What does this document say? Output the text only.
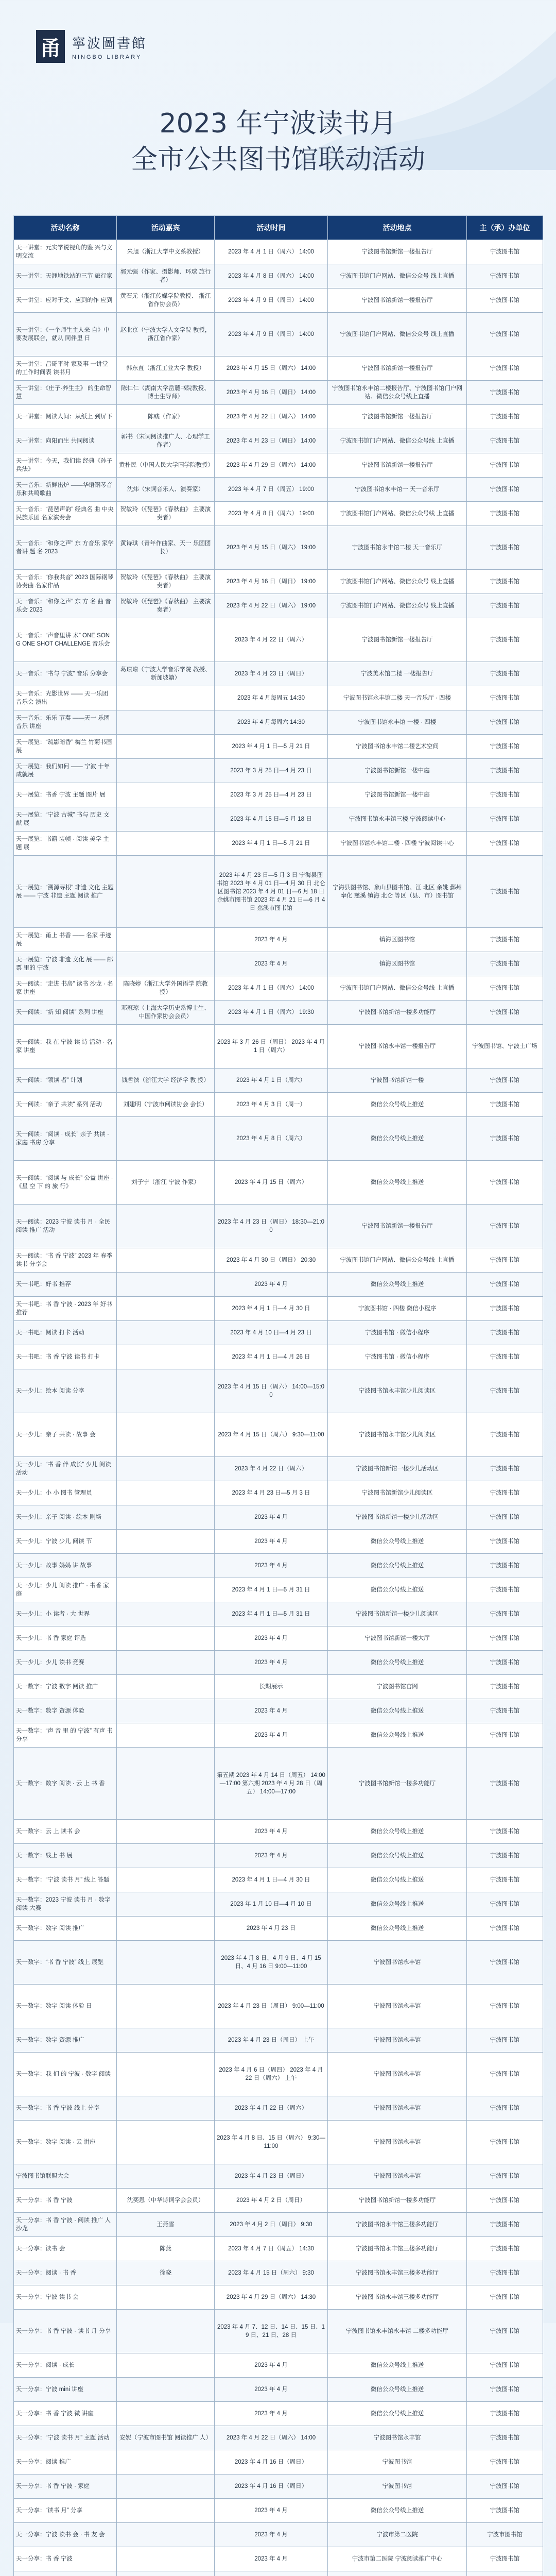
甬 寧波圖書館
NINGBO LIBRARY
2023 年宁波读书月
全市公共图书馆联动活动
活动名称	活动嘉宾	活动时间	活动地点	主（承）办单位
天一讲堂：元实学说视角的鉴 兴与文明交流	朱旭（浙江大学中文系教授）	2023 年 4 月 1 日（周六） 14:00	宁波图书馆新馆一楼报告厅	宁波图书馆
天一讲堂：天涯地铁站的三节 旅行家	郭元强（作家、摄影师、环球 旅行者）	2023 年 4 月 8 日（周六） 14:00	宁波图书馆门户网站、微信公众号 线上直播	宁波图书馆
天一讲堂：应对于文、应到的作 应到	黄石元（浙江传媒学院教授、 浙江省作协会员）	2023 年 4 月 9 日（周日） 14:00	宁波图书馆新馆一楼报告厅	宁波图书馆
天一讲堂：《一个师生主人来 自》中要发展联合，就从 同伴里 日	赵北京（宁波大学人文学院 教授，浙江省作家）	2023 年 4 月 9 日（周日） 14:00	宁波图书馆门户网站、微信公众号 线上直播	宁波图书馆
天一讲堂：吕哥平时 家及事 一讲堂 的工作时间表 读书月	韩东直（浙江工业大学 教授）	2023 年 4 月 15 日（周六） 14:00	宁波图书馆新馆一楼报告厅	宁波图书馆
天一讲堂：《庄子·养生主》 的生命智慧	陈仁仁（湖南大学岳麓书院教授、博士生导师）	2023 年 4 月 16 日（周日） 14:00	宁波图书馆永丰馆二楼报告厅、宁波图书馆门户网站、微信公众号线上直播	宁波图书馆
天一讲堂：阅读人间：从纸上 到屏下	陈彧（作家）	2023 年 4 月 22 日（周六） 14:00	宁波图书馆新馆一楼报告厅	宁波图书馆
天一讲堂：向阳而生 共同阅读	郭书（宋词阅读推广人、心理学工作者）	2023 年 4 月 23 日（周日） 14:00	宁波图书馆门户网站、微信公众号线 上直播	宁波图书馆
天一讲堂：今天，我们读 经典《孙子兵法》	黄朴民（中国人民大学国学院教授）	2023 年 4 月 29 日（周六） 14:00	宁波图书馆新馆一楼报告厅	宁波图书馆
天一音乐：新鲜出炉 ——华语钢琴音乐和共鸣歌曲	沈炜（宋词音乐人、演奏家）	2023 年 4 月 7 日（周五） 19:00	宁波图书馆永丰馆一 天一音乐厅	宁波图书馆
天一音乐：“琵琶声韵” 经典名 曲 中央民族乐团 名家演奏会	贺敏玲（《琵琶》《春秋曲》 主要演奏者）	2023 年 4 月 8 日（周六） 19:00	宁波图书馆门户网站、微信公众号线 上直播	宁波图书馆
天一音乐：“和你之声” 东 方音乐 家学者讲 题 名 2023	黄诗琪（青年作曲家、天一 乐团团长）	2023 年 4 月 15 日（周六） 19:00	宁波图书馆永丰馆二楼 天一音乐厅	宁波图书馆
天一音乐：“你我共音” 2023 国际钢琴协奏曲 名家作品	贺敏玲（《琵琶》《春秋曲》 主要演奏者）	2023 年 4 月 16 日（周日） 19:00	宁波图书馆门户网站、微信公众号 线上直播	宁波图书馆
天一音乐：“和你之声” 东 方 名 曲 音乐会 2023	贺敏玲（《琵琶》《春秋曲》 主要演奏者）	2023 年 4 月 22 日（周六） 19:00	宁波图书馆门户网站、微信公众号 线上直播	宁波图书馆
天一音乐：“声音里讲 术” ONE SONG ONE SHOT CHALLENGE 音乐会		2023 年 4 月 22 日（周六）	宁波图书馆新馆一楼报告厅	宁波图书馆
天一音乐：“书与 宁波” 音乐 分享会	葛琼琼（宁波大学音乐学院 教授、新加坡籍）	2023 年 4 月 23 日（周日）	宁波美术馆二楼 一楼报告厅	宁波图书馆
天一音乐：光影世界 —— 天一乐团 音乐会 演出		2023 年 4 月每周五 14:30	宁波图书馆永丰馆二楼 天一音乐厅 · 四楼	宁波图书馆
天一音乐：乐乐 节奏 ——天一 乐团 音乐 讲座		2023 年 4 月每周六 14:30	宁波图书馆永丰馆 一楼 · 四楼	宁波图书馆
天一展览：“疏影暗香” 梅兰 竹菊书画展		2023 年 4 月 1 日—5 月 21 日	宁波图书馆永丰馆二楼艺术空间	宁波图书馆
天一展览：我们如何 —— 宁波 十年成就展		2023 年 3 月 25 日—4 月 23 日	宁波图书馆新馆一楼中庭	宁波图书馆
天一展览：书香 宁波 主题 图片 展		2023 年 3 月 25 日—4 月 23 日	宁波图书馆新馆一楼中庭	宁波图书馆
天一展览：“宁波 古城” 书与 历史 文献 展		2023 年 4 月 15 日—5 月 18 日	宁波图书馆永丰馆三楼 宁波阅读中心	宁波图书馆
天一展览：书籍 装帧 · 阅读 美学 主题 展		2023 年 4 月 1 日—5 月 21 日	宁波图书馆永丰馆二楼 · 四楼 宁波阅读中心	宁波图书馆
天一展览：“溯源寻根” 非遗 文化 主题 展 —— 宁波 非遗 主题 阅读 推广		2023 年 4 月 23 日—5 月 3 日 宁海县图书馆 2023 年 4 月 01 日—4 月 30 日 北仑区图书馆 2023 年 4 月 01 日—6 月 18 日 余姚市图书馆 2023 年 4 月 21 日—6 月 4 日 慈溪市图书馆	宁海县图书馆、象山县图书馆、江 北区 余姚 鄞州 奉化 慈溪 镇海 北仑 等区（县、市）图书馆	宁波图书馆
天一展览：甬上 书香 —— 名家 手迹 展		2023 年 4 月	镇海区图书馆	宁波图书馆
天一展览：宁波 非遗 文化 展 —— 邮票 里的 宁波		2023 年 4 月	镇海区图书馆	宁波图书馆
天一阅读：“走进 书房” 读书 沙龙 · 名家 讲座	陈晓婷（浙江大学外国语学 院教授）	2023 年 4 月 1 日（周六） 14:00	宁波图书馆门户网站、微信公众号线 上直播	宁波图书馆
天一阅读：“新 知 阅读” 系列 讲座	邓冠琼（上海大学历史系博士生、 中国作家协会会员）	2023 年 4 月 1 日（周六） 19:30	宁波图书馆新馆一楼多功能厅	宁波图书馆
天一阅读：我 在 宁波 读 诗 活动 · 名家 讲座		2023 年 3 月 26 日（周日） 2023 年 4 月 1 日（周六）	宁波图书馆永丰馆一楼报告厅	宁波图书馆、宁波士广场
天一阅读：“领读 者” 计划	钱哲滨（浙江大学 经济学 教 授）	2023 年 4 月 1 日（周六）	宁波图书馆新馆一楼	宁波图书馆
天一阅读：“亲子 共读” 系列 活动	刘建明（宁波市阅读协会 会长）	2023 年 4 月 3 日（周一）	微信公众号线上推送	宁波图书馆
天一阅读：“阅读 · 成长” 亲子 共读 · 家庭 书房 分享		2023 年 4 月 8 日（周六）	微信公众号线上推送	宁波图书馆
天一阅读：“阅读 与 成长” 公益 讲座 ·《星 空 下 的 旅 行》	刘子宁（浙江 宁波 作家）	2023 年 4 月 15 日（周六）	微信公众号线上推送	宁波图书馆
天一阅读：2023 宁波 读书 月 · 全民 阅读 推广 活动		2023 年 4 月 23 日（周日） 18:30—21:00	宁波图书馆新馆一楼报告厅	宁波图书馆
天一阅读：“书 香 宁波” 2023 年 春季 读书 分享会		2023 年 4 月 30 日（周日） 20:30	宁波图书馆门户网站、微信公众号线 上直播	宁波图书馆
天一书吧：好书 推荐		2023 年 4 月	微信公众号线上推送	宁波图书馆
天一书吧：书 香 宁波 · 2023 年 好书 推荐		2023 年 4 月 1 日—4 月 30 日	宁波图书馆 · 四楼 微信小程序	宁波图书馆
天一书吧：阅读 打卡 活动		2023 年 4 月 10 日—4 月 23 日	宁波图书馆 · 微信小程序	宁波图书馆
天一书吧：书 香 宁波 读书 打卡		2023 年 4 月 1 日—4 月 26 日	宁波图书馆 · 微信小程序	宁波图书馆
天一少儿：绘本 阅读 分享		2023 年 4 月 15 日（周六） 14:00—15:00	宁波图书馆永丰馆少儿阅读区	宁波图书馆
天一少儿：亲子 共读 · 故事 会		2023 年 4 月 15 日（周六） 9:30—11:00	宁波图书馆永丰馆少儿阅读区	宁波图书馆
天一少儿：“书 香 伴 成长” 少儿 阅读 活动		2023 年 4 月 22 日（周六）	宁波图书馆新馆一楼少儿活动区	宁波图书馆
天一少儿：小 小 图书 管理员		2023 年 4 月 23 日—5 月 3 日	宁波图书馆新馆少儿阅读区	宁波图书馆
天一少儿：亲子 阅读 · 绘本 剧场		2023 年 4 月	宁波图书馆新馆一楼少儿活动区	宁波图书馆
天一少儿：宁波 少儿 阅读 节		2023 年 4 月	微信公众号线上推送	宁波图书馆
天一少儿：故事 妈妈 讲 故事		2023 年 4 月	微信公众号线上推送	宁波图书馆
天一少儿：少儿 阅读 推广 · 书香 家庭		2023 年 4 月 1 日—5 月 31 日	微信公众号线上推送	宁波图书馆
天一少儿：小 读者 · 大 世界		2023 年 4 月 1 日—5 月 31 日	宁波图书馆新馆一楼少儿阅读区	宁波图书馆
天一少儿：书 香 家庭 评选		2023 年 4 月	宁波图书馆新馆一楼大厅	宁波图书馆
天一少儿：少儿 读书 竞赛		2023 年 4 月	微信公众号线上推送	宁波图书馆
天一数字：宁波 数字 阅读 推广		长期展示	宁波图书馆官网	宁波图书馆
天一数字：数字 资源 体验		2023 年 4 月	微信公众号线上推送	宁波图书馆
天一数字：“声 音 里 的 宁波” 有声 书 分享		2023 年 4 月	微信公众号线上推送	宁波图书馆
天一数字：数字 阅读 · 云 上 书 香		第五期 2023 年 4 月 14 日（周五） 14:00—17:00 第六期 2023 年 4 月 28 日（周五） 14:00—17:00	宁波图书馆新馆一楼多功能厅	宁波图书馆
天一数字：云 上 读书 会		2023 年 4 月	微信公众号线上推送	宁波图书馆
天一数字：线上 书 展		2023 年 4 月	微信公众号线上推送	宁波图书馆
天一数字：“宁波 读书 月” 线上 答题		2023 年 4 月 1 日—4 月 30 日	微信公众号线上推送	宁波图书馆
天一数字：2023 宁波 读书 月 · 数字 阅读 大赛		2023 年 1 月 10 日—4 月 10 日	微信公众号线上推送	宁波图书馆
天一数字：数字 阅读 推广		2023 年 4 月 23 日	微信公众号线上推送	宁波图书馆
天一数字：“书 香 宁波” 线上 展览		2023 年 4 月 8 日、4 月 9 日、4 月 15 日、4 月 16 日 9:00—11:00	宁波图书馆永丰馆	宁波图书馆
天一数字：数字 阅读 体验 日		2023 年 4 月 23 日（周日） 9:00—11:00	宁波图书馆永丰馆	宁波图书馆
天一数字：数字 资源 推广		2023 年 4 月 23 日（周日） 上午	宁波图书馆永丰馆	宁波图书馆
天一数字：我 们 的 宁波 · 数字 阅读		2023 年 4 月 6 日（周四） 2023 年 4 月 22 日（周六） 上午	宁波图书馆永丰馆	宁波图书馆
天一数字：书 香 宁波 线上 分享		2023 年 4 月 22 日（周六）	宁波图书馆永丰馆	宁波图书馆
天一数字：数字 阅读 · 云 讲座		2023 年 4 月 8 日、15 日（周六） 9:30—11:00	宁波图书馆永丰馆	宁波图书馆
宁波图书馆联盟大会		2023 年 4 月 23 日（周日）	宁波图书馆永丰馆	宁波图书馆
天一分享：书 香 宁波	沈奕恩（中华诗词学会会员）	2023 年 4 月 2 日（周日）	宁波图书馆新馆一楼多功能厅	宁波图书馆
天一分享：书 香 宁波 · 阅读 推广 人 沙龙	王燕雪	2023 年 4 月 2 日（周日） 9:30	宁波图书馆永丰馆三楼多功能厅	宁波图书馆
天一分享：读书 会	陈燕	2023 年 4 月 7 日（周五） 14:30	宁波图书馆永丰馆三楼多功能厅	宁波图书馆
天一分享：阅读 · 书 香	徐晓	2023 年 4 月 15 日（周六） 9:30	宁波图书馆永丰馆三楼多功能厅	宁波图书馆
天一分享：宁波 读书 会		2023 年 4 月 29 日（周六） 14:30	宁波图书馆永丰馆三楼多功能厅	宁波图书馆
天一分享：书 香 宁波 · 读书 月 分享		2023 年 4 月 7、12 日、14 日、15 日、19 日、21 日、28 日	宁波图书馆永丰馆永丰馆 二楼多功能厅	宁波图书馆
天一分享：阅读 · 成长		2023 年 4 月	微信公众号线上推送	宁波图书馆
天一分享：宁波 mini 讲座		2023 年 4 月	微信公众号线上推送	宁波图书馆
天一分享：书 香 宁波 微 讲座		2023 年 4 月	微信公众号线上推送	宁波图书馆
天一分享：“宁波 读书 月” 主题 活动	安妮（宁波市图书馆 阅读推广 人）	2023 年 4 月 22 日（周六） 14:00	宁波图书馆永丰馆	宁波图书馆
天一分享：阅读 推广		2023 年 4 月 16 日（周日）	宁波图书馆	宁波图书馆
天一分享：书 香 宁波 · 家庭		2023 年 4 月 16 日（周日）	宁波图书馆	宁波图书馆
天一分享：“读书 月” 分享		2023 年 4 月	微信公众号线上推送	宁波图书馆
天一分享：宁波 读书 会 · 书 友 会		2023 年 4 月	宁波市第二医院	宁波市图书馆
天一分享：书 香 宁波		2023 年 4 月	宁波市第二医院 宁波阅读推广中心	宁波图书馆
